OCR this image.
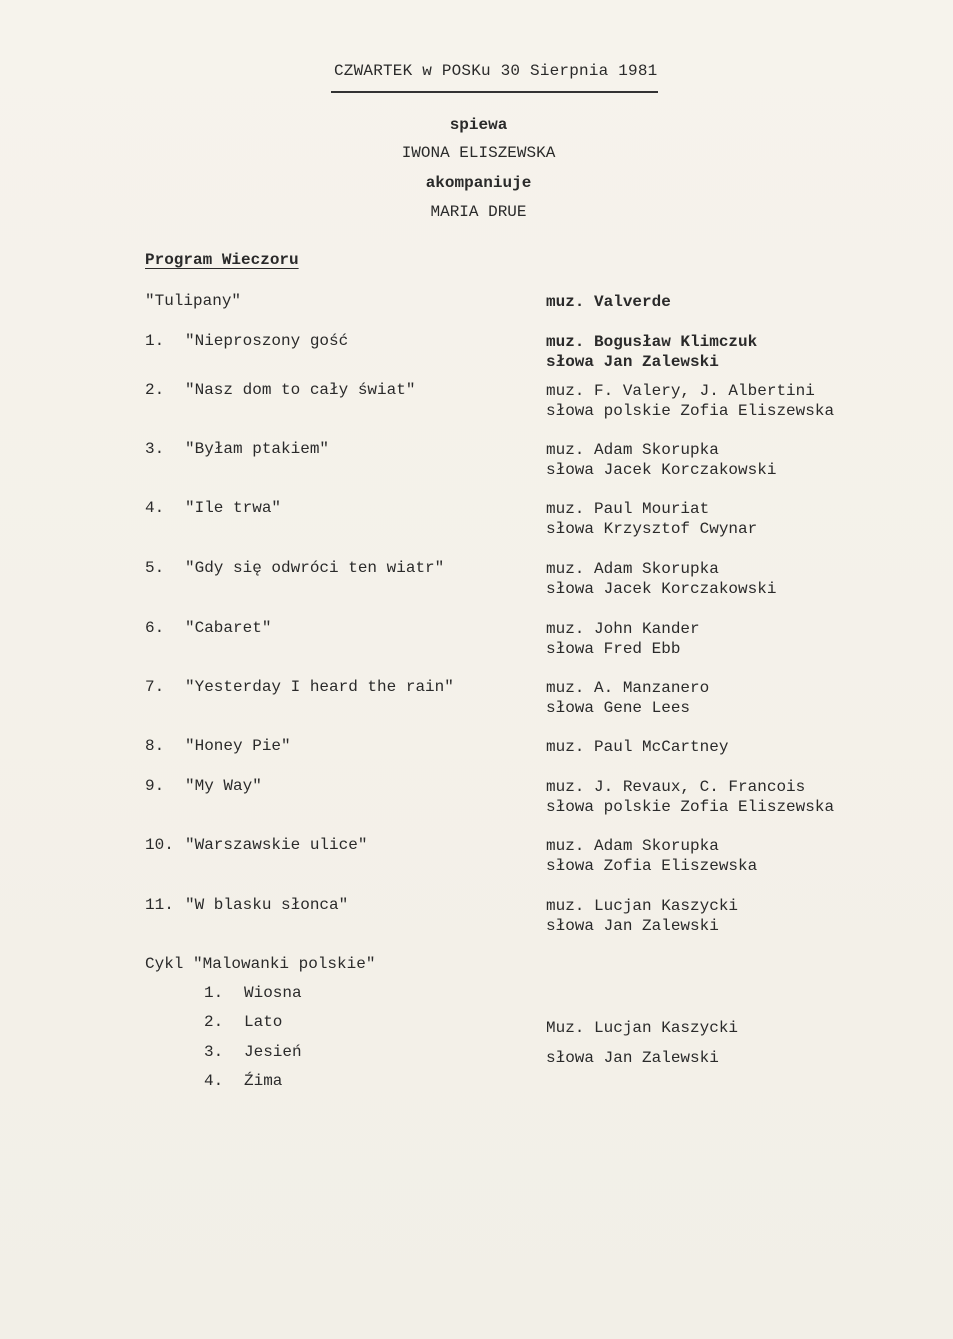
CZWARTEK w POSKu 30 Sierpnia 1981
spiewa
IWONA ELISZEWSKA
akompaniuje
MARIA DRUE
Program Wieczoru
"Tulipany"	muz. Valverde
1. "Nieproszony gość	muz. Bogusław Klimczuk
słowa Jan Zalewski
2. "Nasz dom to cały świat"	muz. F. Valery, J. Albertini
słowa polskie Zofia Eliszewska
3. "Byłam ptakiem"	muz. Adam Skorupka
słowa Jacek Korczakowski
4. "Ile trwa"	muz. Paul Mouriat
słowa Krzysztof Cwynar
5. "Gdy się odwróci ten wiatr"	muz. Adam Skorupka
słowa Jacek Korczakowski
6. "Cabaret"	muz. John Kander
słowa Fred Ebb
7. "Yesterday I heard the rain"	muz. A. Manzanero
słowa Gene Lees
8. "Honey Pie"	muz. Paul McCartney
9. "My Way"	muz. J. Revaux, C. Francois
słowa polskie Zofia Eliszewska
10. "Warszawskie ulice"	muz. Adam Skorupka
słowa Zofia Eliszewska
11. "W blasku słonca"	muz. Lucjan Kaszycki
słowa Jan Zalewski
Cykl "Malowanki polskie"
1. Wiosna
2. Lato
3. Jesień
4. Źima
Muz. Lucjan Kaszycki
słowa Jan Zalewski
